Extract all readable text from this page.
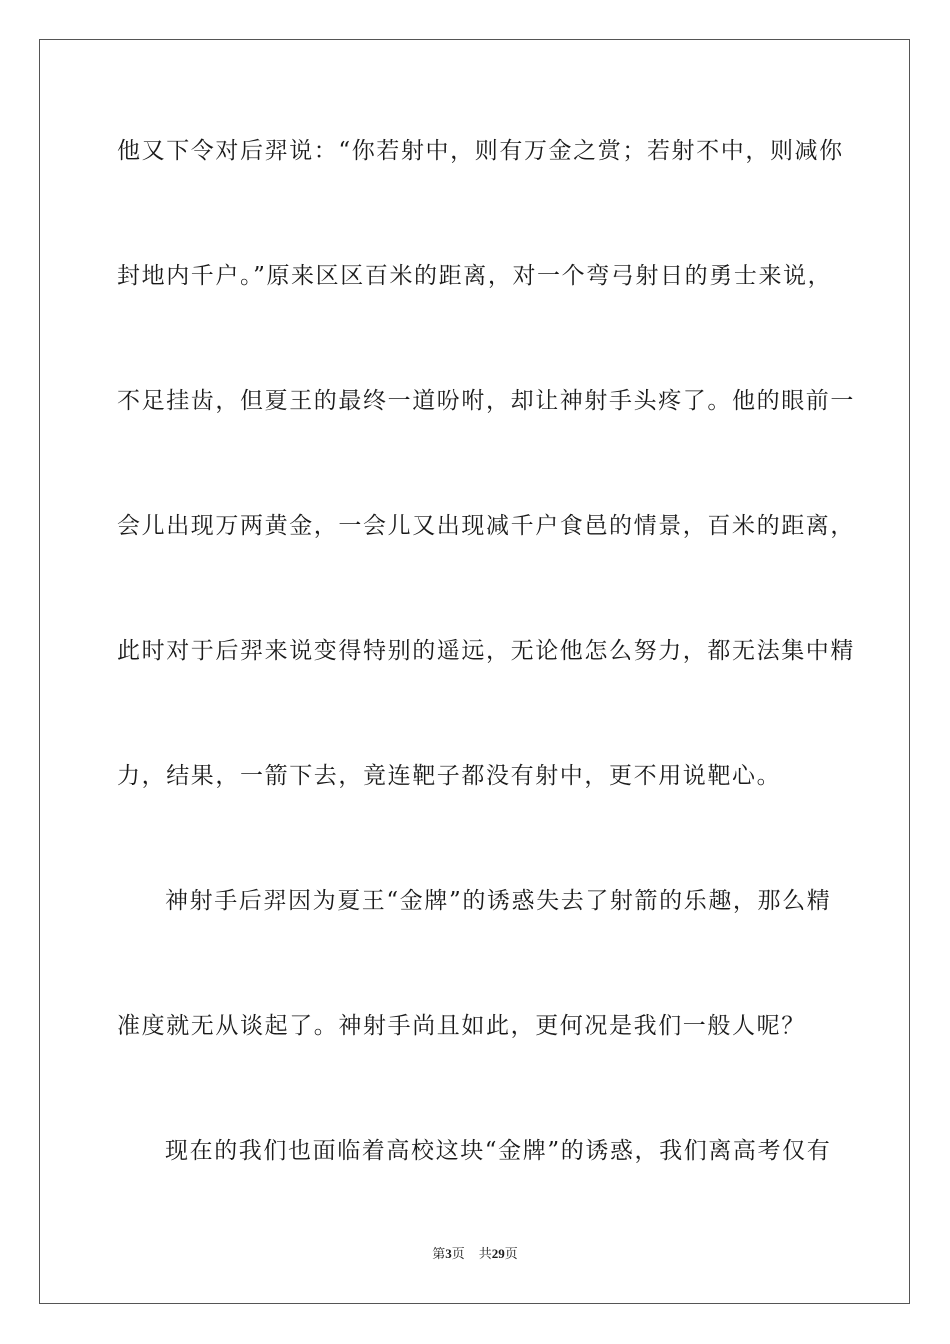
他又下令对后羿说：“你若射中，则有万金之赏；若射不中，则减你
封地内千户。”原来区区百米的距离，对一个弯弓射日的勇士来说，
不足挂齿，但夏王的最终一道吩咐，却让神射手头疼了。他的眼前一
会儿出现万两黄金，一会儿又出现减千户食邑的情景，百米的距离，
此时对于后羿来说变得特别的遥远，无论他怎么努力，都无法集中精
力，结果，一箭下去，竟连靶子都没有射中，更不用说靶心。
神射手后羿因为夏王“金牌”的诱惑失去了射箭的乐趣，那么精
准度就无从谈起了。神射手尚且如此，更何况是我们一般人呢？
现在的我们也面临着高校这块“金牌”的诱惑，我们离高考仅有
第3页 共29页
